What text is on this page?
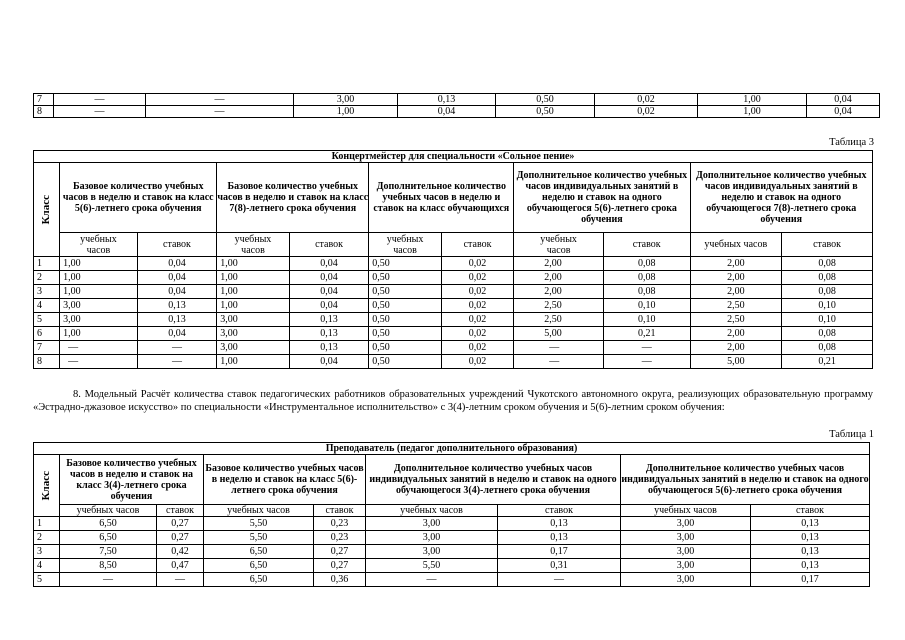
7	—	—	3,00	0,13	0,50	0,02	1,00	0,04
8	—	—	1,00	0,04	0,50	0,02	1,00	0,04
Таблица 3
Концертмейстер для специальности «Сольное пение»										

Класс	Базовое количество учебных часов в неделю и ставок на класс 5(6)-летнего срока обучения		Базовое количество учебных часов в неделю и ставок на класс 7(8)-летнего срока обучения		Дополнительное количество учебных часов в неделю и ставок на класс обучающихся		Дополнительное количество учебных часов индивидуальных занятий в неделю и ставок на одного обучающегося 5(6)-летнего срока обучения		Дополнительное количество учебных часов индивидуальных занятий в неделю и ставок на одного обучающегося 7(8)-летнего срока обучения	
	учебных часов	ставок	учебных часов	ставок	учебных часов	ставок	учебных часов	ставок	учебных часов	ставок
1	1,00	0,04	1,00	0,04	0,50	0,02	2,00	0,08	2,00	0,08
2	1,00	0,04	1,00	0,04	0,50	0,02	2,00	0,08	2,00	0,08
3	1,00	0,04	1,00	0,04	0,50	0,02	2,00	0,08	2,00	0,08
4	3,00	0,13	1,00	0,04	0,50	0,02	2,50	0,10	2,50	0,10
5	3,00	0,13	3,00	0,13	0,50	0,02	2,50	0,10	2,50	0,10
6	1,00	0,04	3,00	0,13	0,50	0,02	5,00	0,21	2,00	0,08
7	—	—	3,00	0,13	0,50	0,02	—	—	2,00	0,08
8	—	—	1,00	0,04	0,50	0,02	—	—	5,00	0,21
8. Модельный Расчёт количества ставок педагогических работников образовательных учреждений Чукотского автономного округа, реализующих образовательную программу «Эстрадно-джазовое искусство» по специальности «Инструментальное исполнительство» с 3(4)-летним сроком обучения и 5(6)-летним сроком обучения:
Таблица 1
Преподаватель (педагог дополнительного образования)								

Класс	Базовое количество учебных часов в неделю и ставок на класс 3(4)-летнего срока обучения		Базовое количество учебных часов в неделю и ставок на класс 5(6)-летнего срока обучения		Дополнительное количество учебных часов индивидуальных занятий в неделю и ставок на одного обучающегося 3(4)-летнего срока обучения		Дополнительное количество учебных часов индивидуальных занятий в неделю и ставок на одного обучающегося 5(6)-летнего срока обучения	
	учебных часов	ставок	учебных часов	ставок	учебных часов	ставок	учебных часов	ставок
1	6,50	0,27	5,50	0,23	3,00	0,13	3,00	0,13
2	6,50	0,27	5,50	0,23	3,00	0,13	3,00	0,13
3	7,50	0,42	6,50	0,27	3,00	0,17	3,00	0,13
4	8,50	0,47	6,50	0,27	5,50	0,31	3,00	0,13
5	—	—	6,50	0,36	—	—	3,00	0,17
